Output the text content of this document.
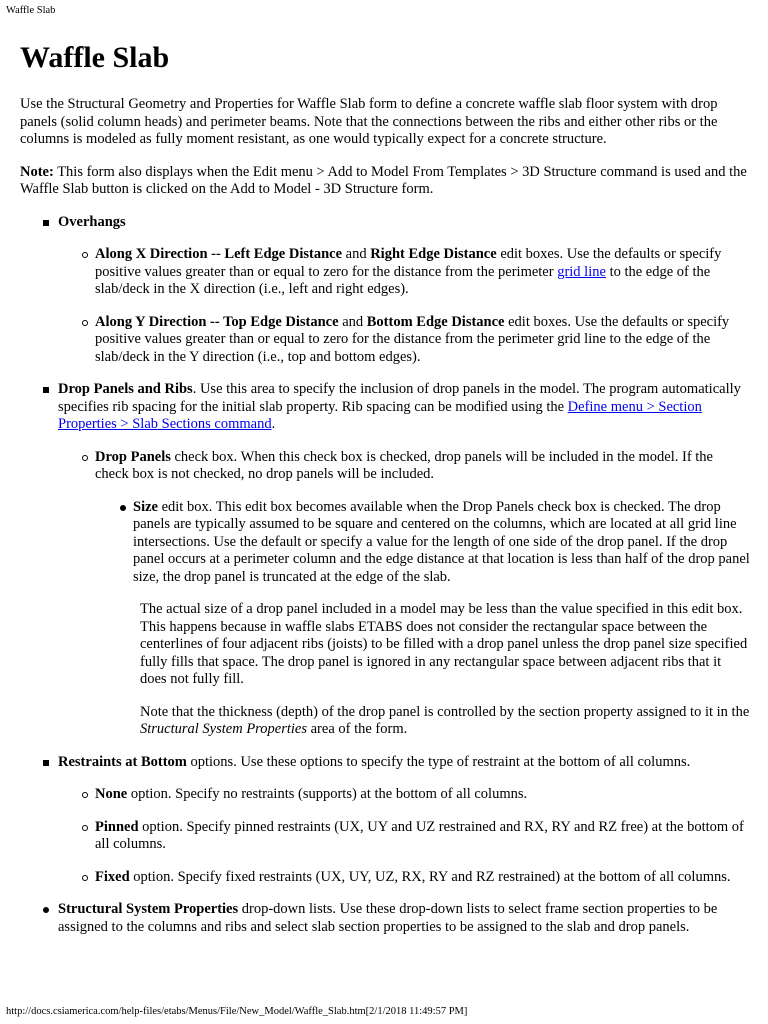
Waffle Slab
Waffle Slab

Use the Structural Geometry and Properties for Waffle Slab form to define a concrete waffle slab floor system with drop panels (solid column heads) and perimeter beams. Note that the connections between the ribs and either other ribs or the columns is modeled as fully moment resistant, as one would typically expect for a concrete structure.

Note: This form also displays when the Edit menu > Add to Model From Templates > 3D Structure command is used and the Waffle Slab button is clicked on the Add to Model - 3D Structure form.

Overhangs
Along X Direction -- Left Edge Distance and Right Edge Distance edit boxes. Use the defaults or specify positive values greater than or equal to zero for the distance from the perimeter grid line to the edge of the slab/deck in the X direction (i.e., left and right edges).
Along Y Direction -- Top Edge Distance and Bottom Edge Distance edit boxes. Use the defaults or specify positive values greater than or equal to zero for the distance from the perimeter grid line to the edge of the slab/deck in the Y direction (i.e., top and bottom edges).
Drop Panels and Ribs. Use this area to specify the inclusion of drop panels in the model. The program automatically specifies rib spacing for the initial slab property. Rib spacing can be modified using the Define menu > Section Properties > Slab Sections command.
Drop Panels check box. When this check box is checked, drop panels will be included in the model. If the check box is not checked, no drop panels will be included.
Size edit box. This edit box becomes available when the Drop Panels check box is checked. The drop panels are typically assumed to be square and centered on the columns, which are located at all grid line intersections. Use the default or specify a value for the length of one side of the drop panel. If the drop panel occurs at a perimeter column and the edge distance at that location is less than half of the drop panel size, the drop panel is truncated at the edge of the slab.

The actual size of a drop panel included in a model may be less than the value specified in this edit box. This happens because in waffle slabs ETABS does not consider the rectangular space between the centerlines of four adjacent ribs (joists) to be filled with a drop panel unless the drop panel size specified fully fills that space. The drop panel is ignored in any rectangular space between adjacent ribs that it does not fully fill.

Note that the thickness (depth) of the drop panel is controlled by the section property assigned to it in the Structural System Properties area of the form.

Restraints at Bottom options. Use these options to specify the type of restraint at the bottom of all columns.
None option. Specify no restraints (supports) at the bottom of all columns.
Pinned option. Specify pinned restraints (UX, UY and UZ restrained and RX, RY and RZ free) at the bottom of all columns.
Fixed option. Specify fixed restraints (UX, UY, UZ, RX, RY and RZ restrained) at the bottom of all columns.
Structural System Properties drop-down lists. Use these drop-down lists to select frame section properties to be assigned to the columns and ribs and select slab section properties to be assigned to the slab and drop panels.
http://docs.csiamerica.com/help-files/etabs/Menus/File/New_Model/Waffle_Slab.htm[2/1/2018 11:49:57 PM]
